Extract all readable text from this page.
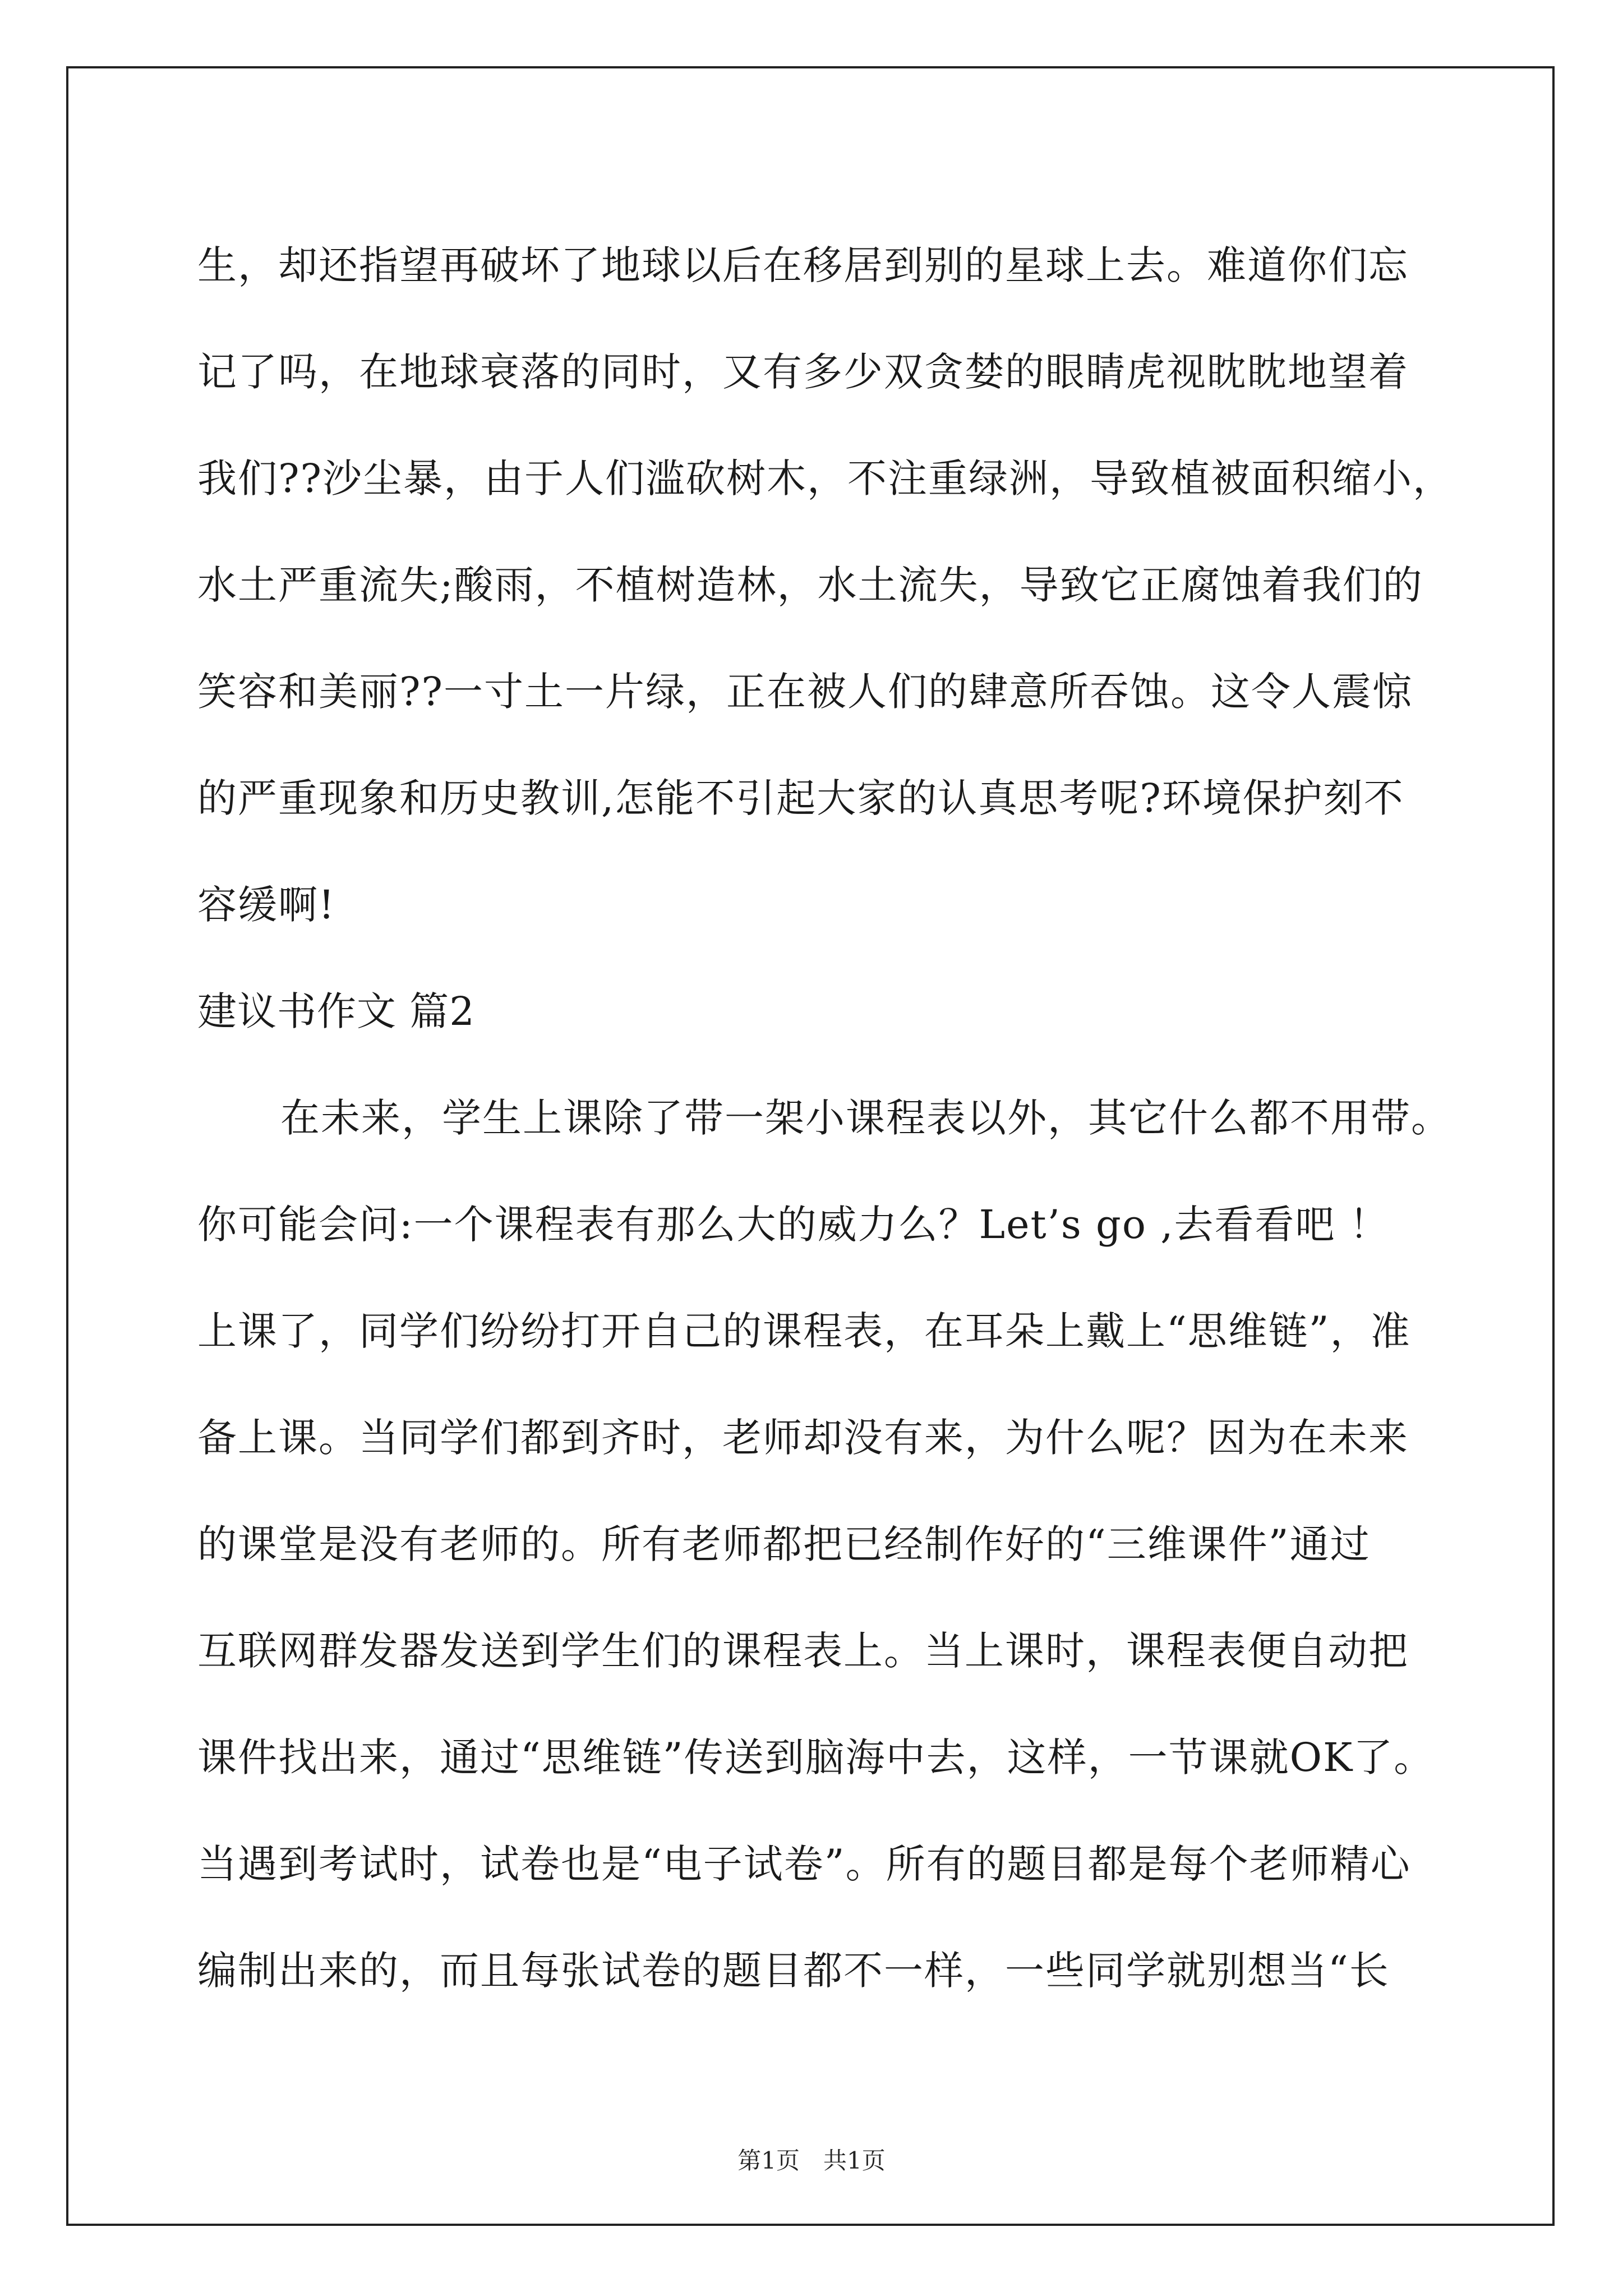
生，却还指望再破坏了地球以后在移居到别的星球上去。难道你们忘
记了吗，在地球衰落的同时，又有多少双贪婪的眼睛虎视眈眈地望着
我们??沙尘暴，由于人们滥砍树木，不注重绿洲，导致植被面积缩小，
水土严重流失;酸雨，不植树造林，水土流失，导致它正腐蚀着我们的
笑容和美丽??一寸土一片绿，正在被人们的肆意所吞蚀。这令人震惊
的严重现象和历史教训,怎能不引起大家的认真思考呢?环境保护刻不
容缓啊!
建议书作文 篇2
在未来，学生上课除了带一架小课程表以外，其它什么都不用带。
你可能会问:一个课程表有那么大的威力么？Let’s go ,去看看吧 ！
上课了，同学们纷纷打开自己的课程表，在耳朵上戴上“思维链”，准
备上课。当同学们都到齐时，老师却没有来，为什么呢？因为在未来
的课堂是没有老师的。所有老师都把已经制作好的“三维课件”通过
互联网群发器发送到学生们的课程表上。当上课时，课程表便自动把
课件找出来，通过“思维链”传送到脑海中去，这样，一节课就OK了。
当遇到考试时，试卷也是“电子试卷”。所有的题目都是每个老师精心
编制出来的，而且每张试卷的题目都不一样，一些同学就别想当“长
第1页　共1页
